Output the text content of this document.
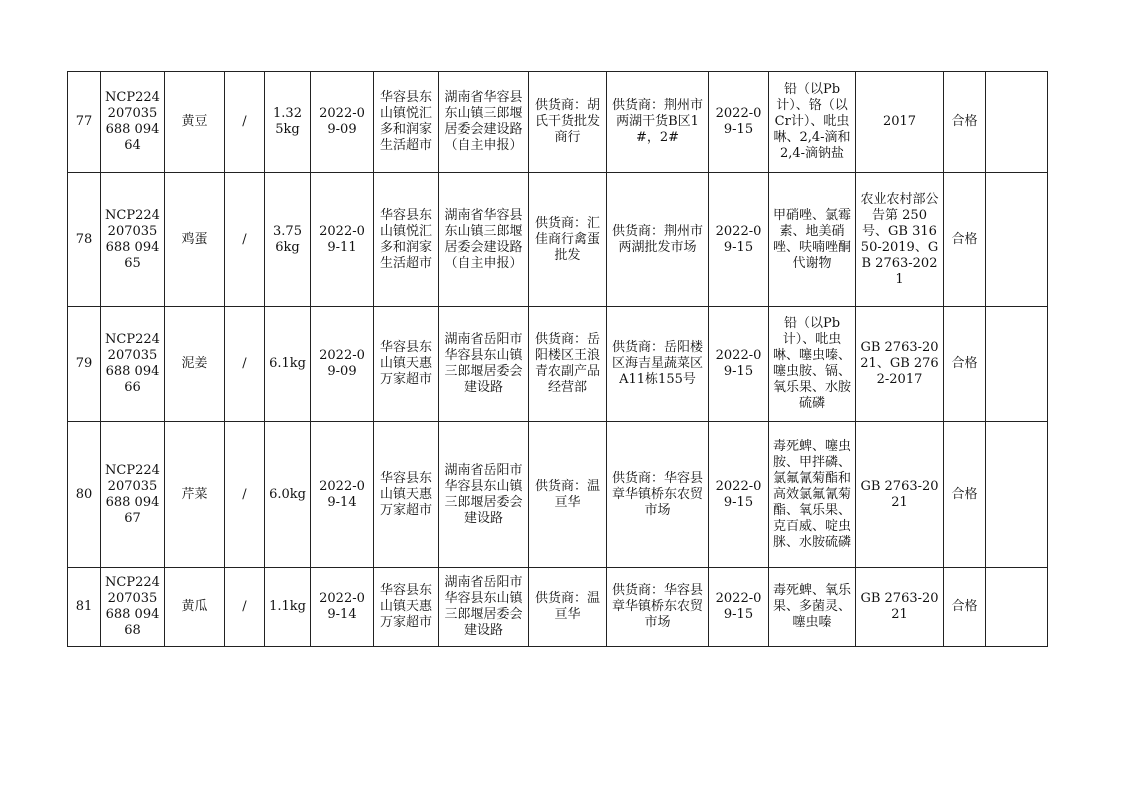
77	NCP224207035688 09464	黄豆	/	1.325kg	2022-09-09	华容县东山镇悦汇多和润家生活超市	湖南省华容县东山镇三郎堰居委会建设路（自主申报）	供货商：胡氏干货批发商行	供货商：荆州市两湖干货B区1#，2#	2022-09-15	铅（以Pb计）、铬（以Cr计）、吡虫啉、2,4-滴和2,4-滴钠盐	2017	合格	
78	NCP224207035688 09465	鸡蛋	/	3.756kg	2022-09-11	华容县东山镇悦汇多和润家生活超市	湖南省华容县东山镇三郎堰居委会建设路（自主申报）	供货商：汇佳商行禽蛋批发	供货商：荆州市两湖批发市场	2022-09-15	甲硝唑、氯霉素、地美硝唑、呋喃唑酮代谢物	农业农村部公告第 250 号、GB 31650-2019、GB 2763-2021	合格	
79	NCP224207035688 09466	泥姜	/	6.1kg	2022-09-09	华容县东山镇天惠万家超市	湖南省岳阳市华容县东山镇三郎堰居委会建设路	供货商：岳阳楼区王浪青农副产品经营部	供货商：岳阳楼区海吉星蔬菜区A11栋155号	2022-09-15	铅（以Pb计）、吡虫啉、噻虫嗪、噻虫胺、镉、氧乐果、水胺硫磷	GB 2763-2021、GB 2762-2017	合格	
80	NCP224207035688 09467	芹菜	/	6.0kg	2022-09-14	华容县东山镇天惠万家超市	湖南省岳阳市华容县东山镇三郎堰居委会建设路	供货商：温亘华	供货商：华容县章华镇桥东农贸市场	2022-09-15	毒死蜱、噻虫胺、甲拌磷、氯氟氰菊酯和高效氯氟氰菊酯、氧乐果、克百威、啶虫脒、水胺硫磷	GB 2763-2021	合格	
81	NCP224207035688 09468	黄瓜	/	1.1kg	2022-09-14	华容县东山镇天惠万家超市	湖南省岳阳市华容县东山镇三郎堰居委会建设路	供货商：温亘华	供货商：华容县章华镇桥东农贸市场	2022-09-15	毒死蜱、氧乐果、多菌灵、噻虫嗪	GB 2763-2021	合格	
